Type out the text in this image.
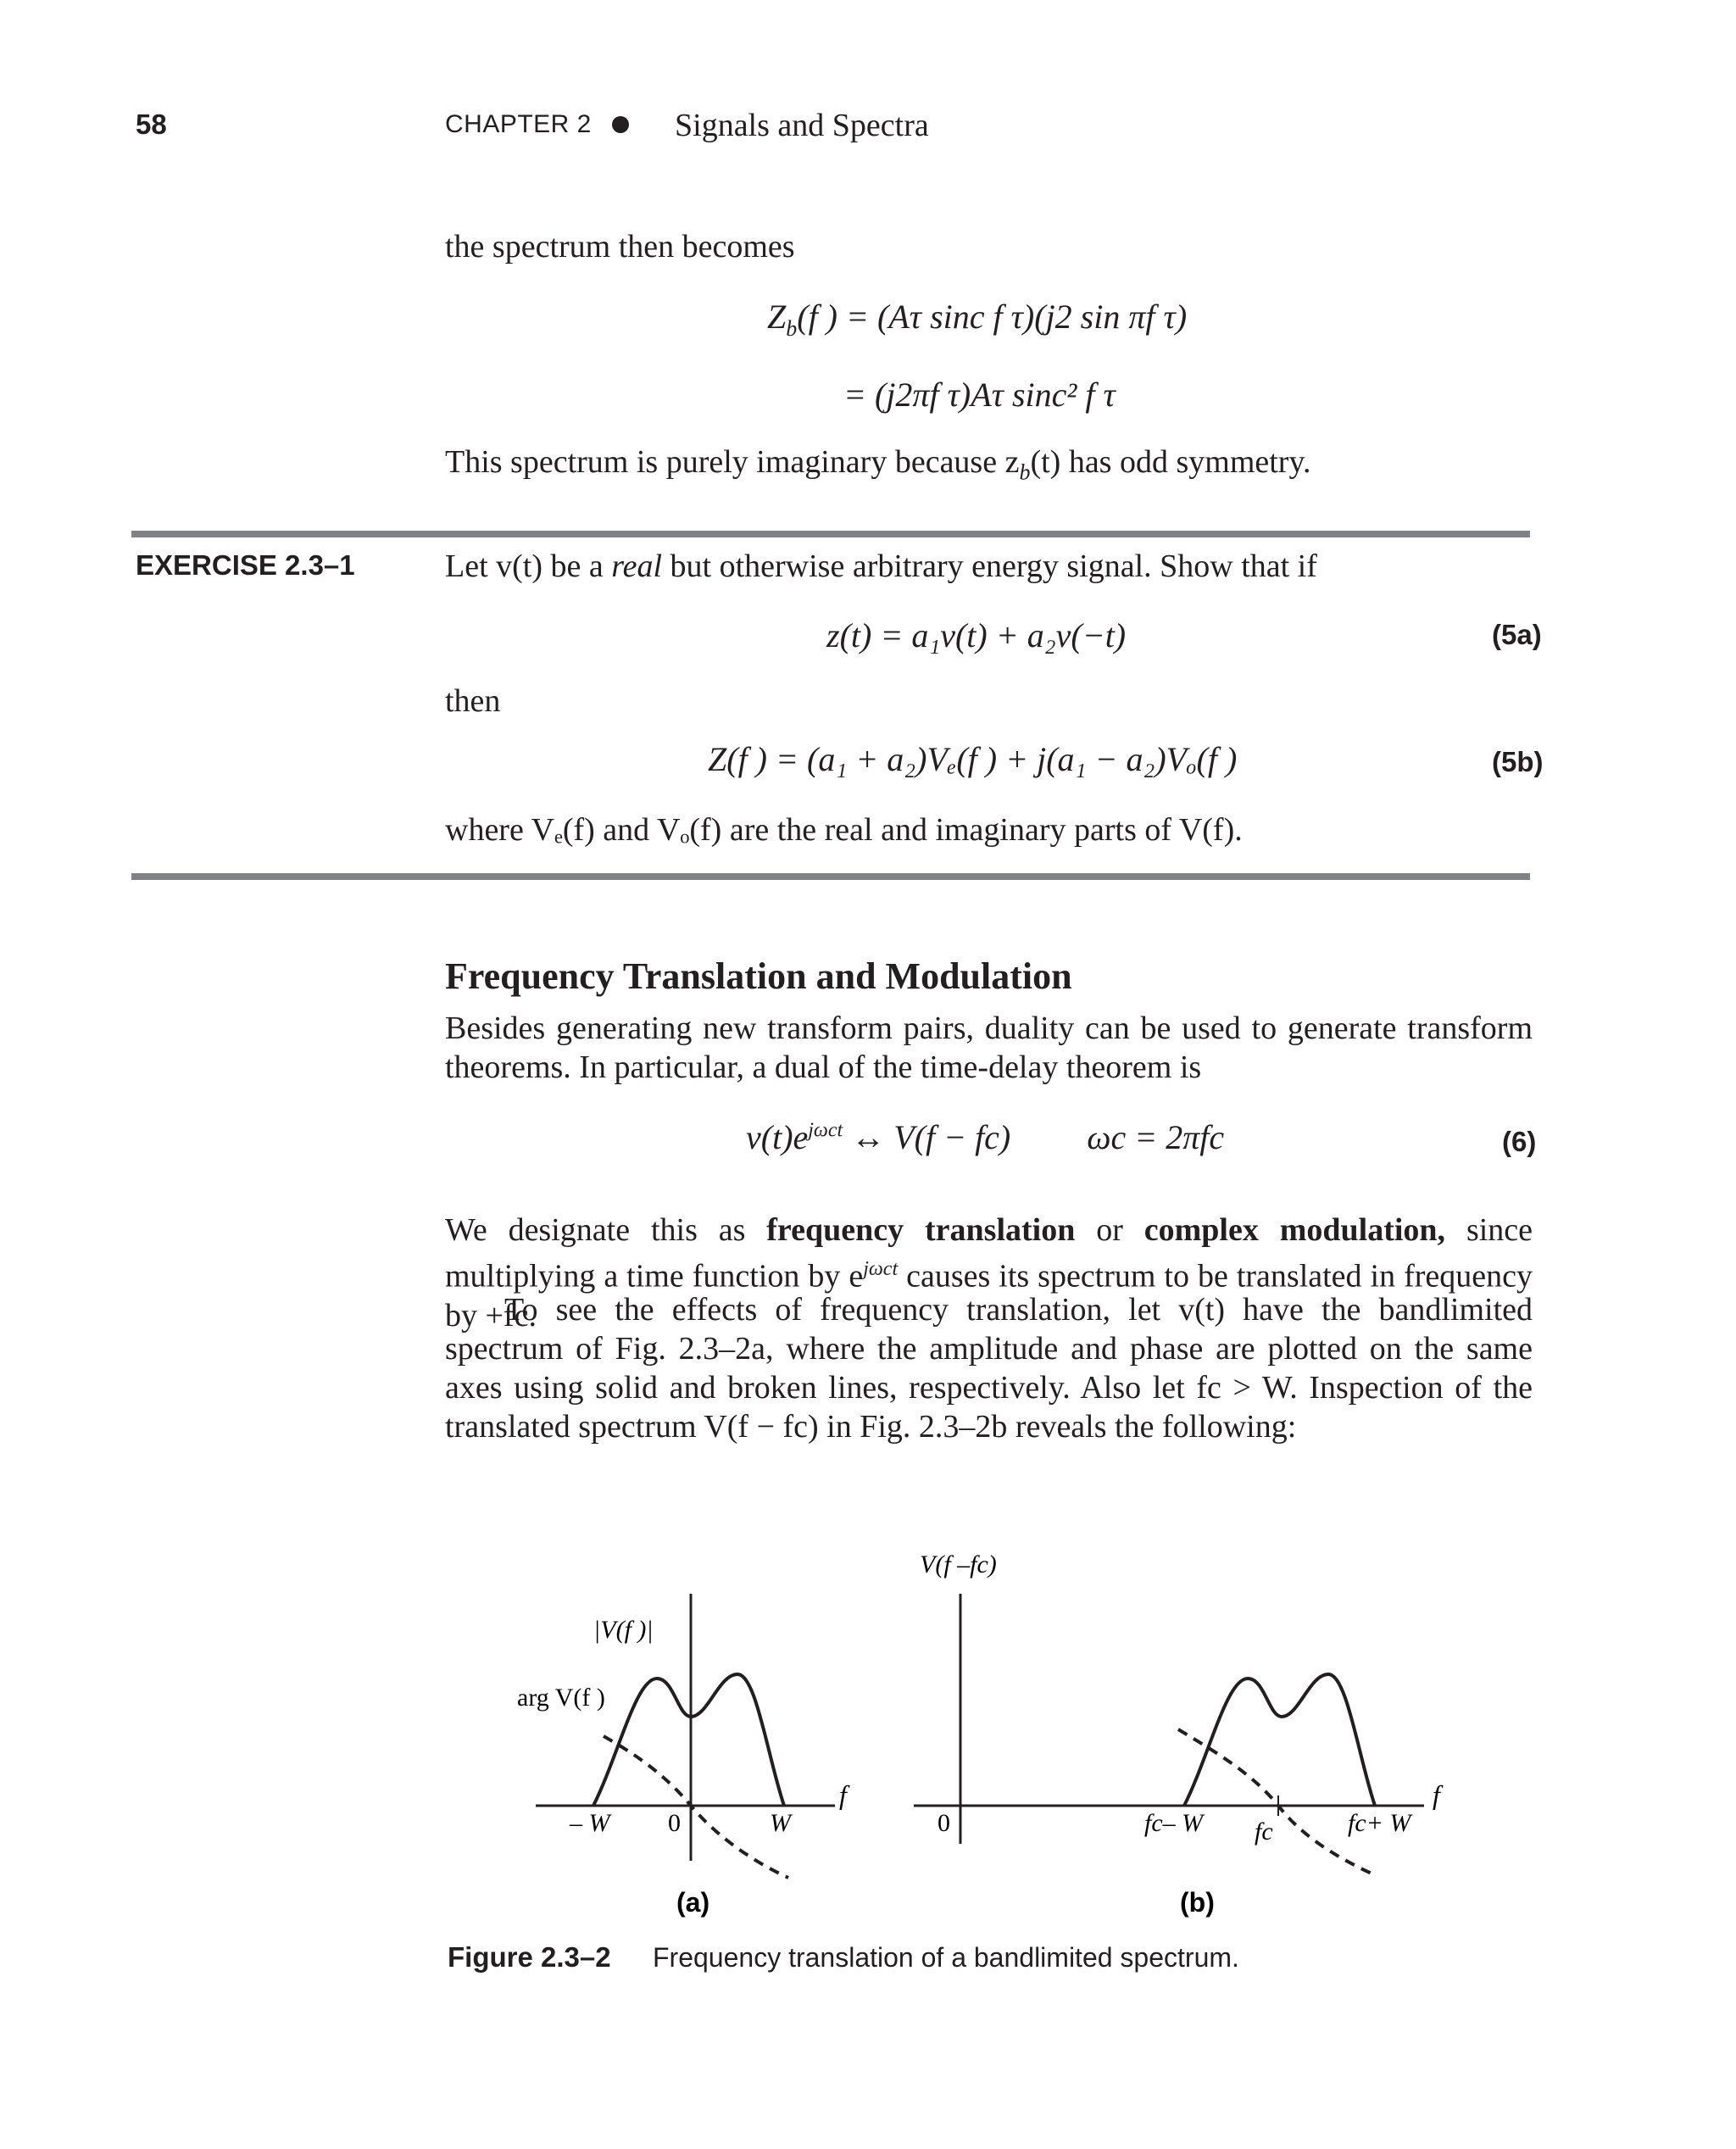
58	CHAPTER 2	Signals and Spectra
the spectrum then becomes
$Z_b(f$ ) = (Aτ sinc f τ)(j2 sin πf τ)
= (j2πf τ)Aτ sinc² f τ
This spectrum is purely imaginary because $z_b(t)$ has odd symmetry.
EXERCISE 2.3–1	Let v(t) be a real but otherwise arbitrary energy signal. Show that if
z(t) = a₁v(t) + a₂v(−t)	(5a)
then
Z(f ) = (a₁ + a₂)Vₑ(f ) + j(a₁ − a₂)Vₒ(f )	(5b)
where Vₑ(f) and Vₒ(f) are the real and imaginary parts of V(f).
Frequency Translation and Modulation
Besides generating new transform pairs, duality can be used to generate transform theorems. In particular, a dual of the time-delay theorem is
$v(t)e^{j\omega ct}$ ↔ V(f − fc) ωc = 2πfc	(6)
We designate this as frequency translation or complex modulation, since multiplying a time function by $e^{j\omega ct}$ causes its spectrum to be translated in frequency by +fc.
To see the effects of frequency translation, let v(t) have the bandlimited spectrum of Fig. 2.3–2a, where the amplitude and phase are plotted on the same axes using solid and broken lines, respectively. Also let fc > W. Inspection of the translated spectrum V(f − fc) in Fig. 2.3–2b reveals the following:
|V(f )|
arg V(f )
f
– W 0	W
(a)
V(f –fc)
f
0	fc– W fc	fc+ W
(b)
Figure 2.3–2 Frequency translation of a bandlimited spectrum.
